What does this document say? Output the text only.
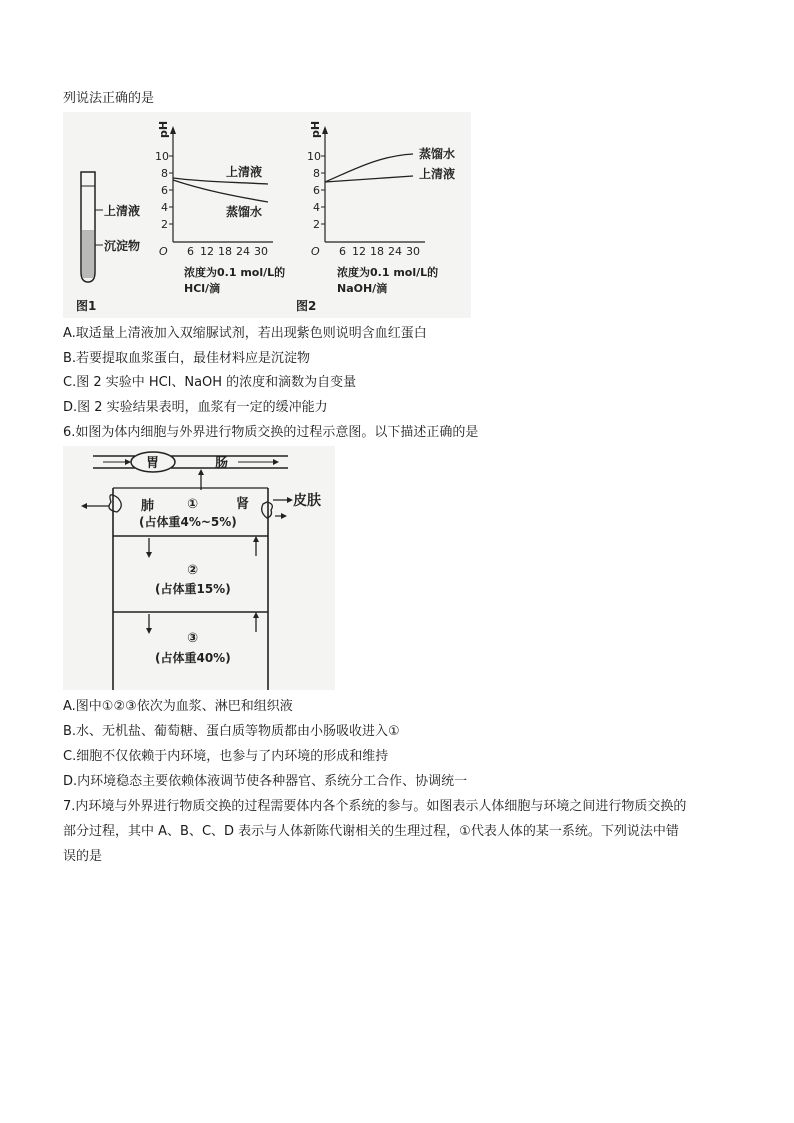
列说法正确的是
上清液
沉淀物
图1
pH
10
8
6
4
2
O 6 12 18 24 30
上清液
蒸馏水
浓度为0.1 mol/L的
HCl/滴
pH
10
8
6
4
2
O 6 12 18 24 30
蒸馏水
上清液
浓度为0.1 mol/L的
NaOH/滴
图2
A.取适量上清液加入双缩脲试剂，若出现紫色则说明含血红蛋白
B.若要提取血浆蛋白，最佳材料应是沉淀物
C.图 2 实验中 HCl、NaOH 的浓度和滴数为自变量
D.图 2 实验结果表明，血浆有一定的缓冲能力
6.如图为体内细胞与外界进行物质交换的过程示意图。以下描述正确的是
胃	肠
肺	肾	皮肤
①
(占体重4%~5%)
②
(占体重15%)
③
(占体重40%)
A.图中①②③依次为血浆、淋巴和组织液
B.水、无机盐、葡萄糖、蛋白质等物质都由小肠吸收进入①
C.细胞不仅依赖于内环境，也参与了内环境的形成和维持
D.内环境稳态主要依赖体液调节使各种器官、系统分工合作、协调统一
7.内环境与外界进行物质交换的过程需要体内各个系统的参与。如图表示人体细胞与环境之间进行物质交换的
部分过程，其中 A、B、C、D 表示与人体新陈代谢相关的生理过程，①代表人体的某一系统。下列说法中错
误的是
